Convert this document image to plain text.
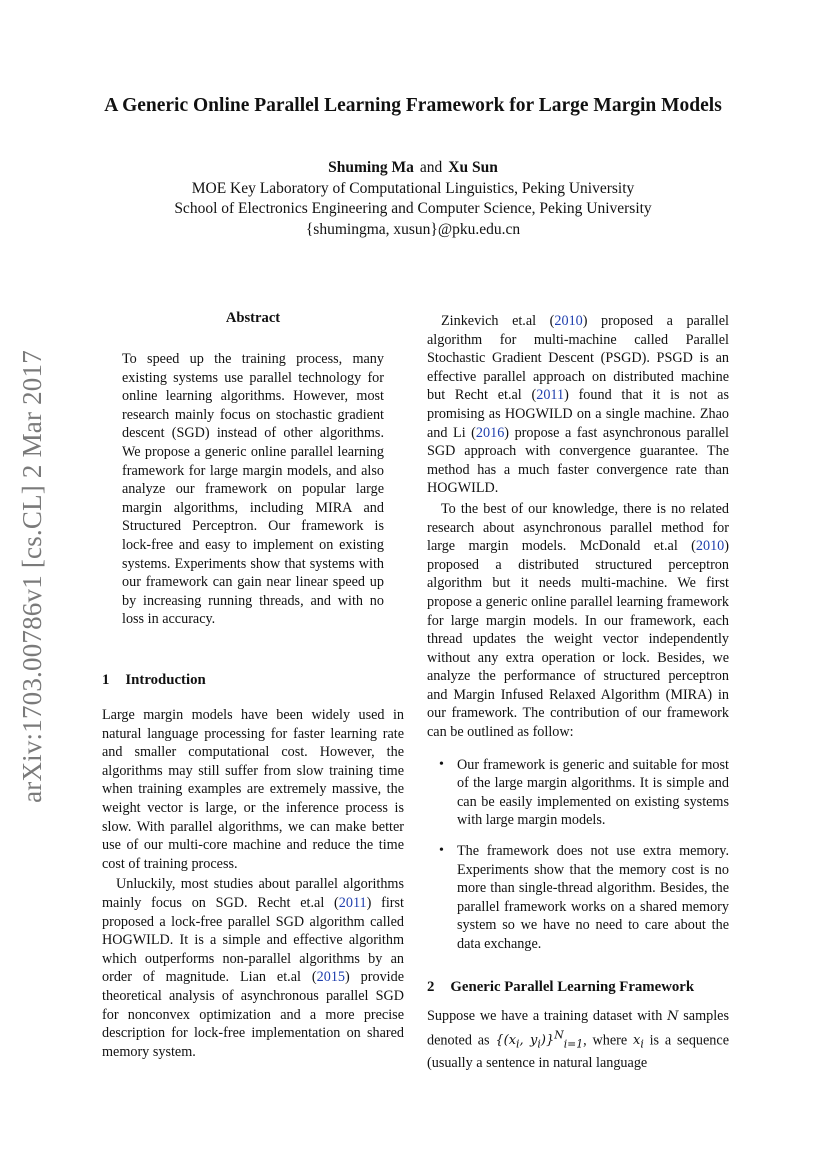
arXiv:1703.00786v1 [cs.CL] 2 Mar 2017
A Generic Online Parallel Learning Framework for Large Margin Models
Shuming Ma and Xu Sun
MOE Key Laboratory of Computational Linguistics, Peking University
School of Electronics Engineering and Computer Science, Peking University
{shumingma, xusun}@pku.edu.cn
Abstract

To speed up the training process, many existing systems use parallel technology for online learning algorithms. However, most research mainly focus on stochastic gradient descent (SGD) instead of other algorithms. We propose a generic online parallel learning framework for large margin models, and also analyze our framework on popular large margin algorithms, including MIRA and Structured Perceptron. Our framework is lock-free and easy to implement on existing systems. Experiments show that systems with our framework can gain near linear speed up by increasing running threads, and with no loss in accuracy.

1 Introduction

Large margin models have been widely used in natural language processing for faster learning rate and smaller computational cost. However, the algorithms may still suffer from slow training time when training examples are extremely massive, the weight vector is large, or the inference process is slow. With parallel algorithms, we can make better use of our multi-core machine and reduce the time cost of training process.

Unluckily, most studies about parallel algorithms mainly focus on SGD. Recht et.al (2011) first proposed a lock-free parallel SGD algorithm called HOGWILD. It is a simple and effective algorithm which outperforms non-parallel algorithms by an order of magnitude. Lian et.al (2015) provide theoretical analysis of asynchronous parallel SGD for nonconvex optimization and a more precise description for lock-free implementation on shared memory system.

Zinkevich et.al (2010) proposed a parallel algorithm for multi-machine called Parallel Stochastic Gradient Descent (PSGD). PSGD is an effective parallel approach on distributed machine but Recht et.al (2011) found that it is not as promising as HOGWILD on a single machine. Zhao and Li (2016) propose a fast asynchronous parallel SGD approach with convergence guarantee. The method has a much faster convergence rate than HOGWILD.

To the best of our knowledge, there is no related research about asynchronous parallel method for large margin models. McDonald et.al (2010) proposed a distributed structured perceptron algorithm but it needs multi-machine. We first propose a generic online parallel learning framework for large margin models. In our framework, each thread updates the weight vector independently without any extra operation or lock. Besides, we analyze the performance of structured perceptron and Margin Infused Relaxed Algorithm (MIRA) in our framework. The contribution of our framework can be outlined as follow:

• Our framework is generic and suitable for most of the large margin algorithms. It is simple and can be easily implemented on existing systems with large margin models.

• The framework does not use extra memory. Experiments show that the memory cost is no more than single-thread algorithm. Besides, the parallel framework works on a shared memory system so we have no need to care about the data exchange.

2 Generic Parallel Learning Framework

Suppose we have a training dataset with N samples denoted as {($x_i$, $y_i)\}^N_{i=1}$, where $x_i$ is a sequence (usually a sentence in natural language
